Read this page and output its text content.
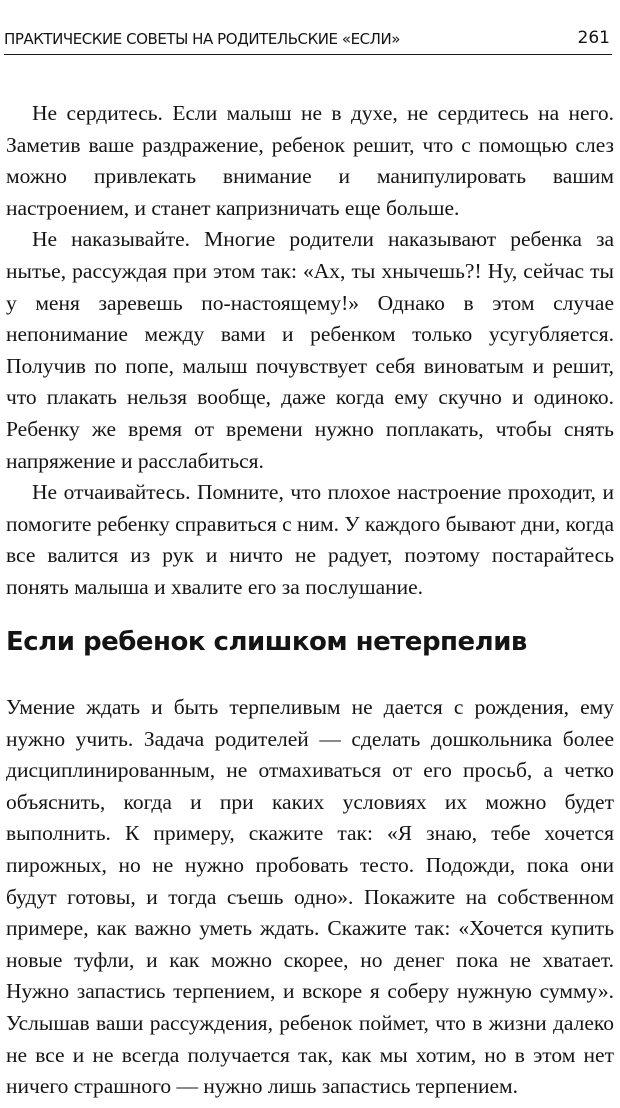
ПРАКТИЧЕСКИЕ СОВЕТЫ НА РОДИТЕЛЬСКИЕ «ЕСЛИ»	261

Не сердитесь. Если малыш не в духе, не сердитесь на него. Заметив ваше раздражение, ребенок решит, что с помощью слез можно привлекать внимание и манипулировать вашим настроением, и станет капризничать еще больше.

Не наказывайте. Многие родители наказывают ребенка за нытье, рассуждая при этом так: «Ах, ты хнычешь?! Ну, сейчас ты у меня заревешь по-настоящему!» Однако в этом случае непонимание между вами и ребенком только усугубляется. Получив по попе, малыш почувствует себя виноватым и решит, что плакать нельзя вообще, даже когда ему скучно и одиноко. Ребенку же время от времени нужно поплакать, чтобы снять напряжение и расслабиться.

Не отчаивайтесь. Помните, что плохое настроение проходит, и помогите ребенку справиться с ним. У каждого бывают дни, когда все валится из рук и ничто не радует, поэтому постарайтесь понять малыша и хвалите его за послушание.

Если ребенок слишком нетерпелив

Умение ждать и быть терпеливым не дается с рождения, ему нужно учить. Задача родителей — сделать дошкольника более дисциплинированным, не отмахиваться от его просьб, а четко объяснить, когда и при каких условиях их можно будет выполнить. К примеру, скажите так: «Я знаю, тебе хочется пирожных, но не нужно пробовать тесто. Подожди, пока они будут готовы, и тогда съешь одно». Покажите на собственном примере, как важно уметь ждать. Скажите так: «Хочется купить новые туфли, и как можно скорее, но денег пока не хватает. Нужно запастись терпением, и вскоре я соберу нужную сумму». Услышав ваши рассуждения, ребенок поймет, что в жизни далеко не все и не всегда получается так, как мы хотим, но в этом нет ничего страшного — нужно лишь запастись терпением.
